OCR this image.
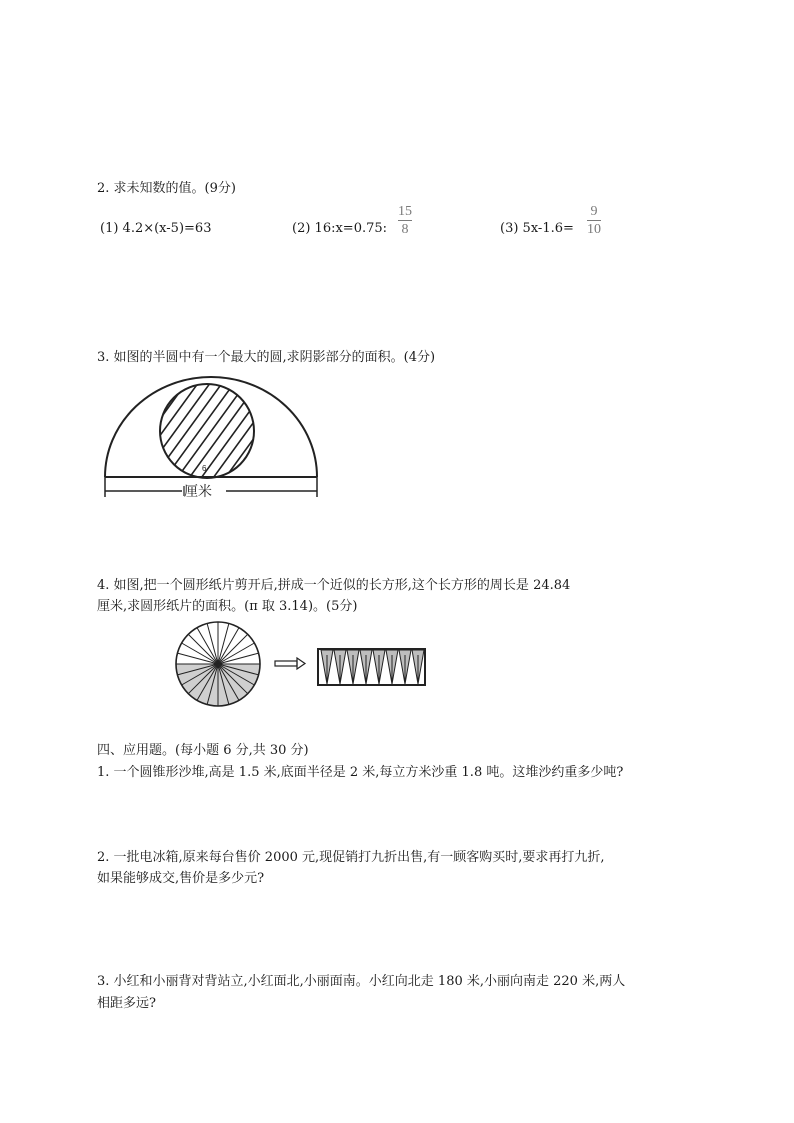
2. 求未知数的值。(9分)
(1) 4.2×(x-5)=63	(2) 16:x=0.75:
15
8	(3) 5x-1.6=
9
10
3. 如图的半圆中有一个最大的圆,求阴影部分的面积。(4分)
6
厘米
4. 如图,把一个圆形纸片剪开后,拼成一个近似的长方形,这个长方形的周长是 24.84
厘米,求圆形纸片的面积。(π 取 3.14)。(5分)
四、应用题。(每小题 6 分,共 30 分)
1. 一个圆锥形沙堆,高是 1.5 米,底面半径是 2 米,每立方米沙重 1.8 吨。这堆沙约重多少吨?
2. 一批电冰箱,原来每台售价 2000 元,现促销打九折出售,有一顾客购买时,要求再打九折,
如果能够成交,售价是多少元?
3. 小红和小丽背对背站立,小红面北,小丽面南。小红向北走 180 米,小丽向南走 220 米,两人
相距多远?
